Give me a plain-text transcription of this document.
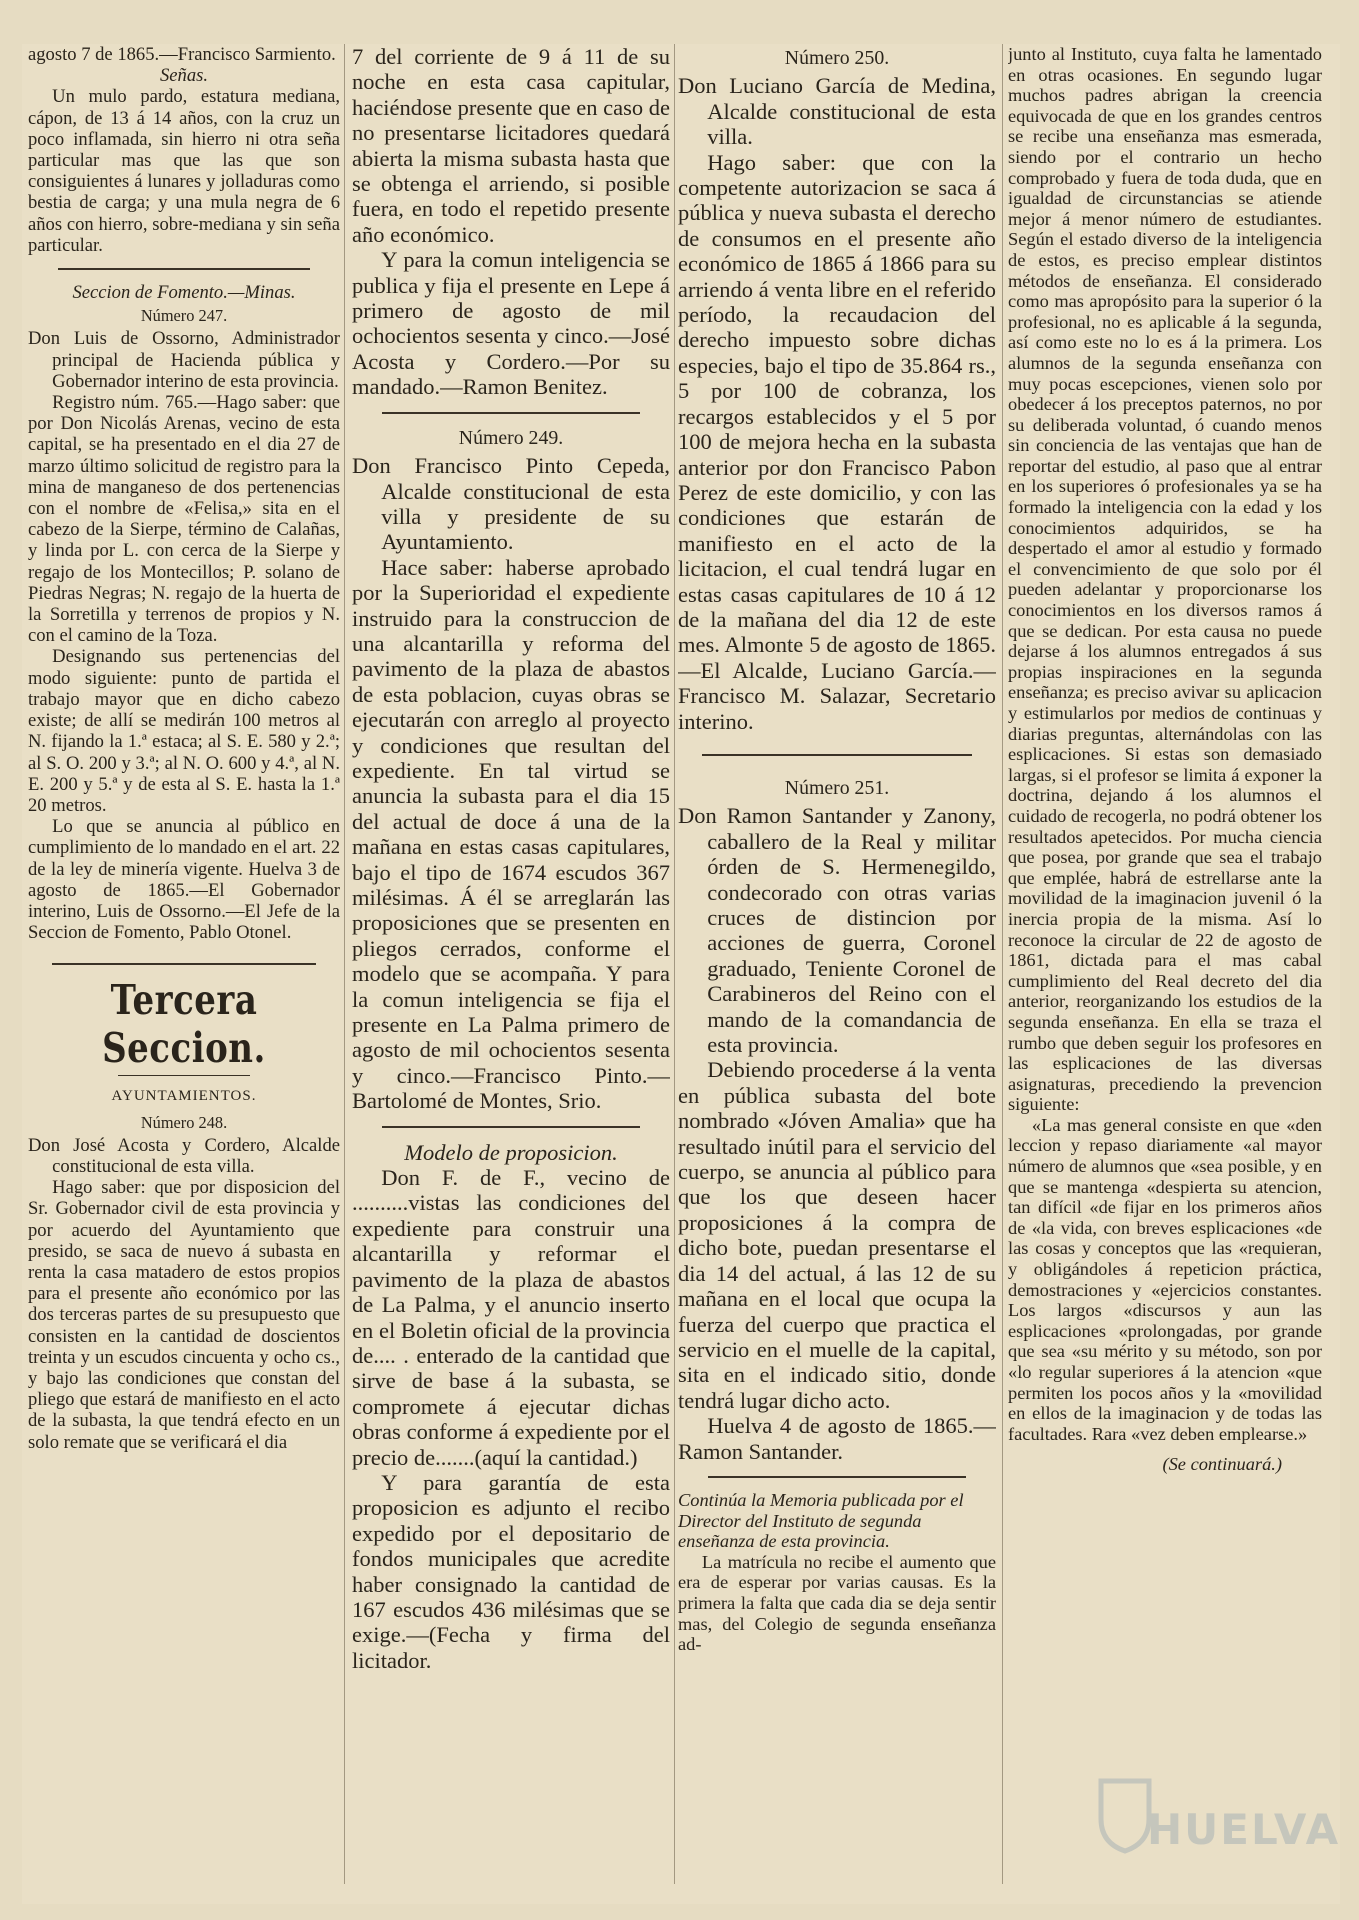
agosto 7 de 1865.—Francisco Sarmiento.

Señas.

Un mulo pardo, estatura mediana, cápon, de 13 á 14 años, con la cruz un poco inflamada, sin hierro ni otra seña particular mas que las que son consiguientes á lunares y jolladuras como bestia de carga; y una mula negra de 6 años con hierro, sobre-mediana y sin seña particular.

Seccion de Fomento.—Minas.

Número 247.

Don Luis de Ossorno, Administrador principal de Hacienda pública y Gobernador interino de esta provincia.

Registro núm. 765.—Hago saber: que por Don Nicolás Arenas, vecino de esta capital, se ha presentado en el dia 27 de marzo último solicitud de registro para la mina de manganeso de dos pertenencias con el nombre de «Felisa,» sita en el cabezo de la Sierpe, término de Calañas, y linda por L. con cerca de la Sierpe y regajo de los Montecillos; P. solano de Piedras Negras; N. regajo de la huerta de la Sorretilla y terrenos de propios y N. con el camino de la Toza.

Designando sus pertenencias del modo siguiente: punto de partida el trabajo mayor que en dicho cabezo existe; de allí se medirán 100 metros al N. fijando la 1.ª estaca; al S. E. 580 y 2.ª; al S. O. 200 y 3.ª; al N. O. 600 y 4.ª, al N. E. 200 y 5.ª y de esta al S. E. hasta la 1.ª 20 metros.

Lo que se anuncia al público en cumplimiento de lo mandado en el art. 22 de la ley de minería vigente. Huelva 3 de agosto de 1865.—El Gobernador interino, Luis de Ossorno.—El Jefe de la Seccion de Fomento, Pablo Otonel.

Tercera Seccion.

AYUNTAMIENTOS.

Número 248.

Don José Acosta y Cordero, Alcalde constitucional de esta villa.

Hago saber: que por disposicion del Sr. Gobernador civil de esta provincia y por acuerdo del Ayuntamiento que presido, se saca de nuevo á subasta en renta la casa matadero de estos propios para el presente año económico por las dos terceras partes de su presupuesto que consisten en la cantidad de doscientos treinta y un escudos cincuenta y ocho cs., y bajo las condiciones que constan del pliego que estará de manifiesto en el acto de la subasta, la que tendrá efecto en un solo remate que se verificará el dia

7 del corriente de 9 á 11 de su noche en esta casa capitular, haciéndose presente que en caso de no presentarse licitadores quedará abierta la misma subasta hasta que se obtenga el arriendo, si posible fuera, en todo el repetido presente año económico.

Y para la comun inteligencia se publica y fija el presente en Lepe á primero de agosto de mil ochocientos sesenta y cinco.—José Acosta y Cordero.—Por su mandado.—Ramon Benitez.

Número 249.

Don Francisco Pinto Cepeda, Alcalde constitucional de esta villa y presidente de su Ayuntamiento.

Hace saber: haberse aprobado por la Superioridad el expediente instruido para la construccion de una alcantarilla y reforma del pavimento de la plaza de abastos de esta poblacion, cuyas obras se ejecutarán con arreglo al proyecto y condiciones que resultan del expediente. En tal virtud se anuncia la subasta para el dia 15 del actual de doce á una de la mañana en estas casas capitulares, bajo el tipo de 1674 escudos 367 milésimas. Á él se arreglarán las proposiciones que se presenten en pliegos cerrados, conforme el modelo que se acompaña. Y para la comun inteligencia se fija el presente en La Palma primero de agosto de mil ochocientos sesenta y cinco.—Francisco Pinto.—Bartolomé de Montes, Srio.

Modelo de proposicion.

Don F. de F., vecino de ..........vistas las condiciones del expediente para construir una alcantarilla y reformar el pavimento de la plaza de abastos de La Palma, y el anuncio inserto en el Boletin oficial de la provincia de.... . enterado de la cantidad que sirve de base á la subasta, se compromete á ejecutar dichas obras conforme á expediente por el precio de.......(aquí la cantidad.)

Y para garantía de esta proposicion es adjunto el recibo expedido por el depositario de fondos municipales que acredite haber consignado la cantidad de 167 escudos 436 milésimas que se exige.—(Fecha y firma del licitador.

Número 250.

Don Luciano García de Medina, Alcalde constitucional de esta villa.

Hago saber: que con la competente autorizacion se saca á pública y nueva subasta el derecho de consumos en el presente año económico de 1865 á 1866 para su arriendo á venta libre en el referido período, la recaudacion del derecho impuesto sobre dichas especies, bajo el tipo de 35.864 rs., 5 por 100 de cobranza, los recargos establecidos y el 5 por 100 de mejora hecha en la subasta anterior por don Francisco Pabon Perez de este domicilio, y con las condiciones que estarán de manifiesto en el acto de la licitacion, el cual tendrá lugar en estas casas capitulares de 10 á 12 de la mañana del dia 12 de este mes. Almonte 5 de agosto de 1865.—El Alcalde, Luciano García.—Francisco M. Salazar, Secretario interino.

Número 251.

Don Ramon Santander y Zanony, caballero de la Real y militar órden de S. Hermenegildo, condecorado con otras varias cruces de distincion por acciones de guerra, Coronel graduado, Teniente Coronel de Carabineros del Reino con el mando de la comandancia de esta provincia.

Debiendo procederse á la venta en pública subasta del bote nombrado «Jóven Amalia» que ha resultado inútil para el servicio del cuerpo, se anuncia al público para que los que deseen hacer proposiciones á la compra de dicho bote, puedan presentarse el dia 14 del actual, á las 12 de su mañana en el local que ocupa la fuerza del cuerpo que practica el servicio en el muelle de la capital, sita en el indicado sitio, donde tendrá lugar dicho acto.

Huelva 4 de agosto de 1865.—Ramon Santander.

Continúa la Memoria publicada por el Director del Instituto de segunda enseñanza de esta provincia.

La matrícula no recibe el aumento que era de esperar por varias causas. Es la primera la falta que cada dia se deja sentir mas, del Colegio de segunda enseñanza ad-

junto al Instituto, cuya falta he lamentado en otras ocasiones. En segundo lugar muchos padres abrigan la creencia equivocada de que en los grandes centros se recibe una enseñanza mas esmerada, siendo por el contrario un hecho comprobado y fuera de toda duda, que en igualdad de circunstancias se atiende mejor á menor número de estudiantes. Según el estado diverso de la inteligencia de estos, es preciso emplear distintos métodos de enseñanza. El considerado como mas apropósito para la superior ó la profesional, no es aplicable á la segunda, así como este no lo es á la primera. Los alumnos de la segunda enseñanza con muy pocas escepciones, vienen solo por obedecer á los preceptos paternos, no por su deliberada voluntad, ó cuando menos sin conciencia de las ventajas que han de reportar del estudio, al paso que al entrar en los superiores ó profesionales ya se ha formado la inteligencia con la edad y los conocimientos adquiridos, se ha despertado el amor al estudio y formado el convencimiento de que solo por él pueden adelantar y proporcionarse los conocimientos en los diversos ramos á que se dedican. Por esta causa no puede dejarse á los alumnos entregados á sus propias inspiraciones en la segunda enseñanza; es preciso avivar su aplicacion y estimularlos por medios de continuas y diarias preguntas, alternándolas con las esplicaciones. Si estas son demasiado largas, si el profesor se limita á exponer la doctrina, dejando á los alumnos el cuidado de recogerla, no podrá obtener los resultados apetecidos. Por mucha ciencia que posea, por grande que sea el trabajo que emplée, habrá de estrellarse ante la movilidad de la imaginacion juvenil ó la inercia propia de la misma. Así lo reconoce la circular de 22 de agosto de 1861, dictada para el mas cabal cumplimiento del Real decreto del dia anterior, reorganizando los estudios de la segunda enseñanza. En ella se traza el rumbo que deben seguir los profesores en las esplicaciones de las diversas asignaturas, precediendo la prevencion siguiente:

«La mas general consiste en que «den leccion y repaso diariamente «al mayor número de alumnos que «sea posible, y en que se mantenga «despierta su atencion, tan difícil «de fijar en los primeros años de «la vida, con breves esplicaciones «de las cosas y conceptos que las «requieran, y obligándoles á repeticion práctica, demostraciones y «ejercicios constantes. Los largos «discursos y aun las esplicaciones «prolongadas, por grande que sea «su mérito y su método, son por «lo regular superiores á la atencion «que permiten los pocos años y la «movilidad en ellos de la imaginacion y de todas las facultades. Rara «vez deben emplearse.»

(Se continuará.)

HUELVA
